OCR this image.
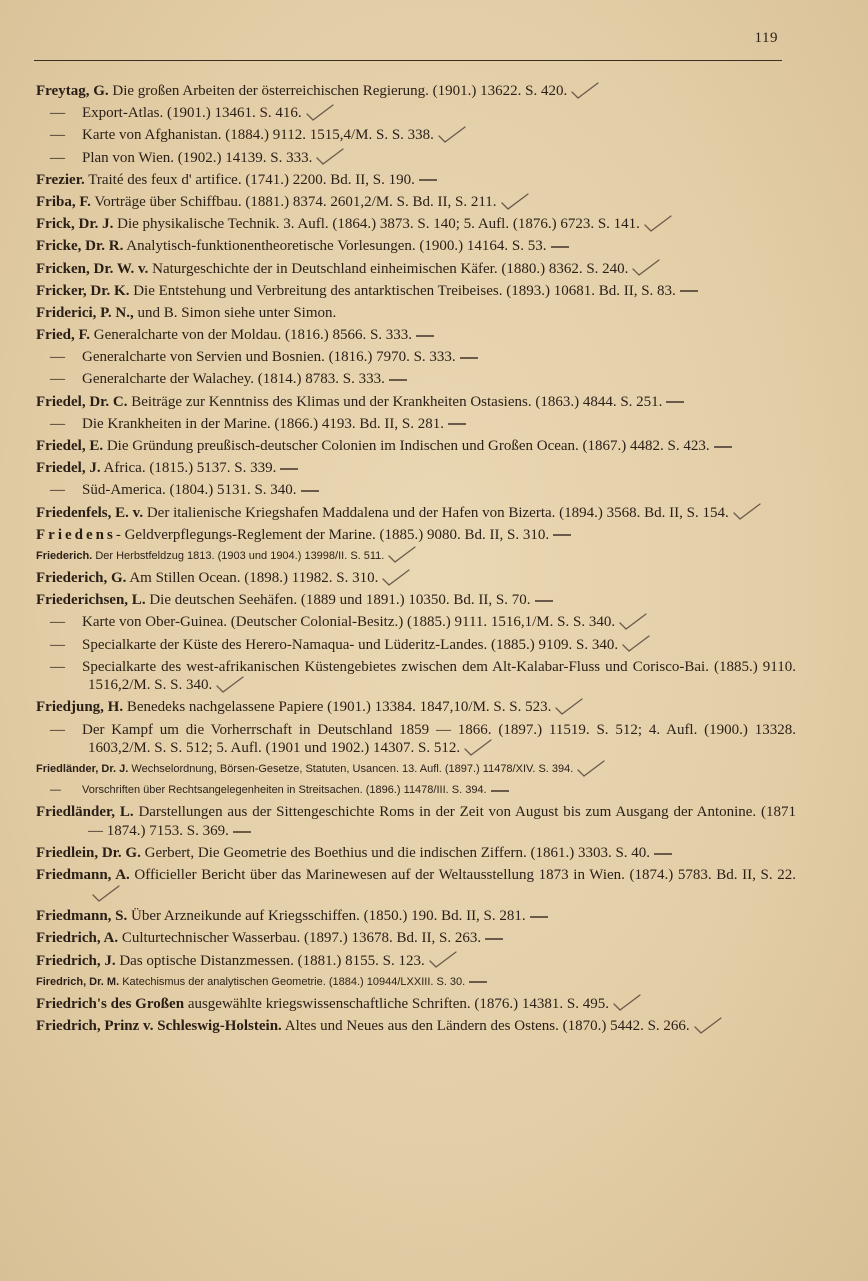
119
Freytag, G. Die großen Arbeiten der österreichischen Regierung. (1901.) 13622. S. 420.
— Export-Atlas. (1901.) 13461. S. 416.
— Karte von Afghanistan. (1884.) 9112. 1515,4/M. S. S. 338.
— Plan von Wien. (1902.) 14139. S. 333.
Frezier. Traité des feux d' artifice. (1741.) 2200. Bd. II, S. 190.
Friba, F. Vorträge über Schiffbau. (1881.) 8374. 2601,2/M. S. Bd. II, S. 211.
Frick, Dr. J. Die physikalische Technik. 3. Aufl. (1864.) 3873. S. 140; 5. Aufl. (1876.) 6723. S. 141.
Fricke, Dr. R. Analytisch-funktionentheoretische Vorlesungen. (1900.) 14164. S. 53.
Fricken, Dr. W. v. Naturgeschichte der in Deutschland einheimischen Käfer. (1880.) 8362. S. 240.
Fricker, Dr. K. Die Entstehung und Verbreitung des antarktischen Treibeises. (1893.) 10681. Bd. II, S. 83.
Friderici, P. N., und B. Simon siehe unter Simon.
Fried, F. Generalcharte von der Moldau. (1816.) 8566. S. 333.
— Generalcharte von Servien und Bosnien. (1816.) 7970. S. 333.
— Generalcharte der Walachey. (1814.) 8783. S. 333.
Friedel, Dr. C. Beiträge zur Kenntniss des Klimas und der Krankheiten Ostasiens. (1863.) 4844. S. 251.
— Die Krankheiten in der Marine. (1866.) 4193. Bd. II, S. 281.
Friedel, E. Die Gründung preußisch-deutscher Colonien im Indischen und Großen Ocean. (1867.) 4482. S. 423.
Friedel, J. Africa. (1815.) 5137. S. 339.
— Süd-America. (1804.) 5131. S. 340.
Friedenfels, E. v. Der italienische Kriegshafen Maddalena und der Hafen von Bizerta. (1894.) 3568. Bd. II, S. 154.
Friedens- Geldverpflegungs-Reglement der Marine. (1885.) 9080. Bd. II, S. 310.
Friederich. Der Herbstfeldzug 1813. (1903 und 1904.) 13998/II. S. 511.
Friederich, G. Am Stillen Ocean. (1898.) 11982. S. 310.
Friederichsen, L. Die deutschen Seehäfen. (1889 und 1891.) 10350. Bd. II, S. 70.
— Karte von Ober-Guinea. (Deutscher Colonial-Besitz.) (1885.) 9111. 1516,1/M. S. S. 340.
— Specialkarte der Küste des Herero-Namaqua- und Lüderitz-Landes. (1885.) 9109. S. 340.
— Specialkarte des west-afrikanischen Küstengebietes zwischen dem Alt-Kalabar-Fluss und Corisco-Bai. (1885.) 9110. 1516,2/M. S. S. 340.
Friedjung, H. Benedeks nachgelassene Papiere (1901.) 13384. 1847,10/M. S. S. 523.
— Der Kampf um die Vorherrschaft in Deutschland 1859 — 1866. (1897.) 11519. S. 512; 4. Aufl. (1900.) 13328. 1603,2/M. S. S. 512; 5. Aufl. (1901 und 1902.) 14307. S. 512.
Friedländer, Dr. J. Wechselordnung, Börsen-Gesetze, Statuten, Usancen. 13. Aufl. (1897.) 11478/XIV. S. 394.
— Vorschriften über Rechtsangelegenheiten in Streitsachen. (1896.) 11478/III. S. 394.
Friedländer, L. Darstellungen aus der Sittengeschichte Roms in der Zeit von August bis zum Ausgang der Antonine. (1871 — 1874.) 7153. S. 369.
Friedlein, Dr. G. Gerbert, Die Geometrie des Boethius und die indischen Ziffern. (1861.) 3303. S. 40.
Friedmann, A. Officieller Bericht über das Marinewesen auf der Weltausstellung 1873 in Wien. (1874.) 5783. Bd. II, S. 22.
Friedmann, S. Über Arzneikunde auf Kriegsschiffen. (1850.) 190. Bd. II, S. 281.
Friedrich, A. Culturtechnischer Wasserbau. (1897.) 13678. Bd. II, S. 263.
Friedrich, J. Das optische Distanzmessen. (1881.) 8155. S. 123.
Firedrich, Dr. M. Katechismus der analytischen Geometrie. (1884.) 10944/LXXIII. S. 30.
Friedrich's des Großen ausgewählte kriegswissenschaftliche Schriften. (1876.) 14381. S. 495.
Friedrich, Prinz v. Schleswig-Holstein. Altes und Neues aus den Ländern des Ostens. (1870.) 5442. S. 266.
